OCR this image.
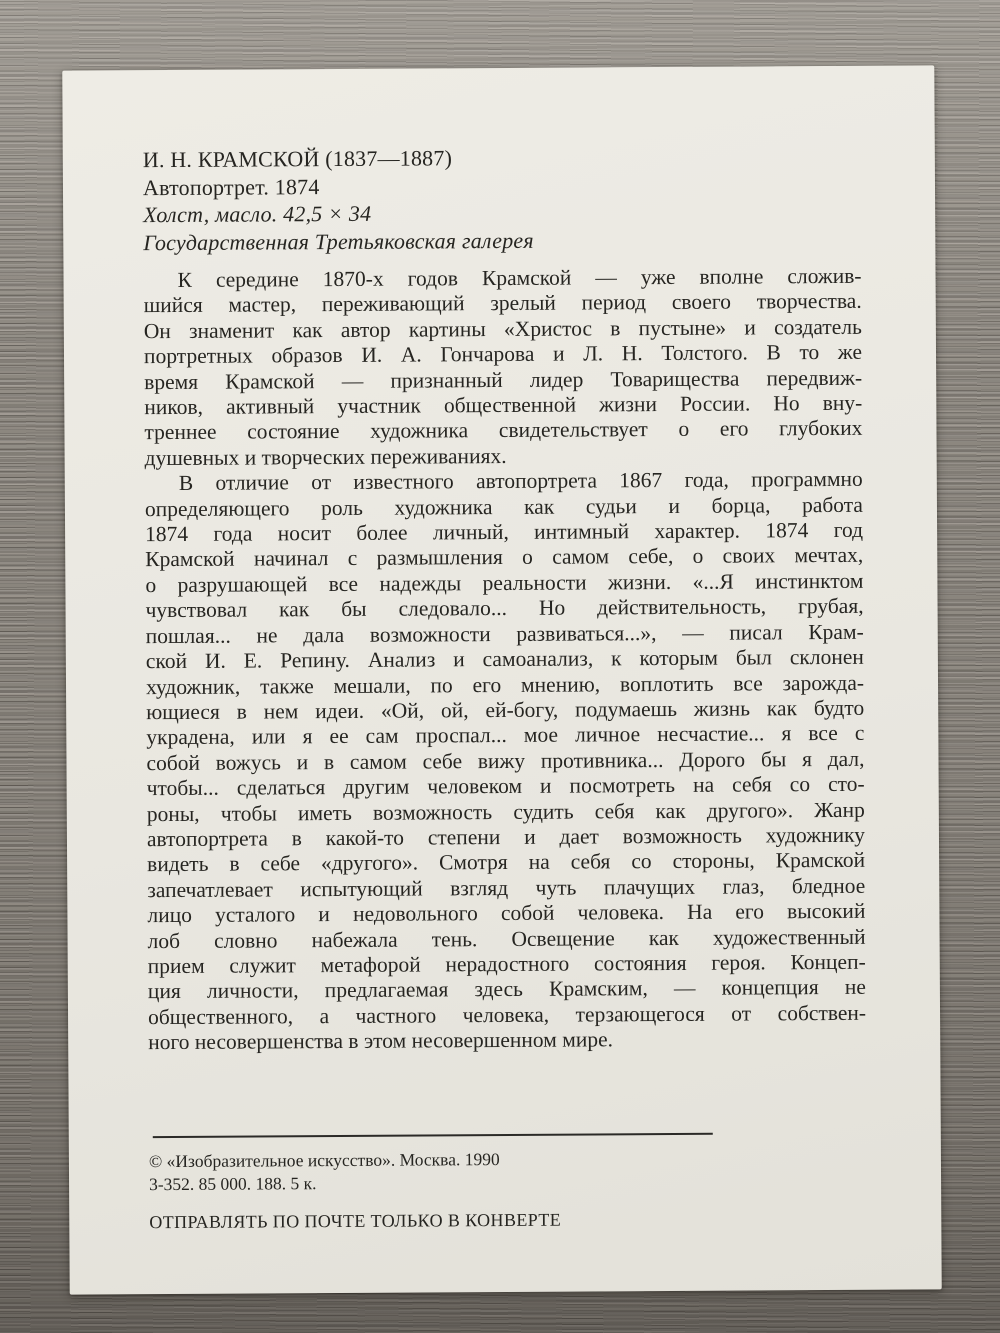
И. Н. КРАМСКОЙ (1837—1887)
Автопортрет. 1874
Холст, масло. 42,5 × 34
Государственная Третьяковская галерея
К середине 1870-х годов Крамской — уже вполне сложив-
шийся мастер, переживающий зрелый период своего творчества.
Он знаменит как автор картины «Христос в пустыне» и создатель
портретных образов И. А. Гончарова и Л. Н. Толстого. В то же
время Крамской — признанный лидер Товарищества передвиж-
ников, активный участник общественной жизни России. Но вну-
треннее состояние художника свидетельствует о его глубоких
душевных и творческих переживаниях.
В отличие от известного автопортрета 1867 года, программно
определяющего роль художника как судьи и борца, работа
1874 года носит более личный, интимный характер. 1874 год
Крамской начинал с размышления о самом себе, о своих мечтах,
о разрушающей все надежды реальности жизни. «...Я инстинктом
чувствовал как бы следовало... Но действительность, грубая,
пошлая... не дала возможности развиваться...», — писал Крам-
ской И. Е. Репину. Анализ и самоанализ, к которым был склонен
художник, также мешали, по его мнению, воплотить все зарожда-
ющиеся в нем идеи. «Ой, ой, ей-богу, подумаешь жизнь как будто
украдена, или я ее сам проспал... мое личное несчастие... я все с
собой вожусь и в самом себе вижу противника... Дорого бы я дал,
чтобы... сделаться другим человеком и посмотреть на себя со сто-
роны, чтобы иметь возможность судить себя как другого». Жанр
автопортрета в какой-то степени и дает возможность художнику
видеть в себе «другого». Смотря на себя со стороны, Крамской
запечатлевает испытующий взгляд чуть плачущих глаз, бледное
лицо усталого и недовольного собой человека. На его высокий
лоб словно набежала тень. Освещение как художественный
прием служит метафорой нерадостного состояния героя. Концеп-
ция личности, предлагаемая здесь Крамским, — концепция не
общественного, а частного человека, терзающегося от собствен-
ного несовершенства в этом несовершенном мире.
© «Изобразительное искусство». Москва. 1990
3-352. 85 000. 188. 5 к.
ОТПРАВЛЯТЬ ПО ПОЧТЕ ТОЛЬКО В КОНВЕРТЕ
